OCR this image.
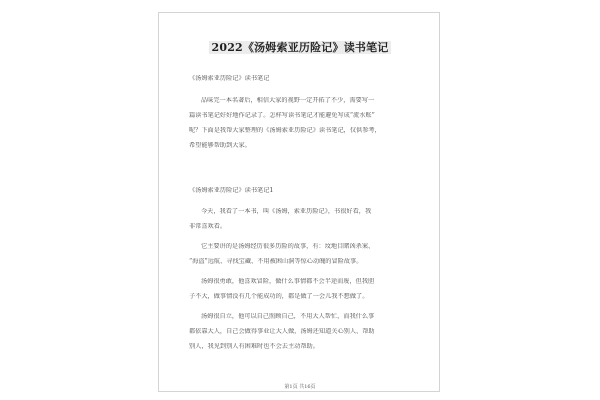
2022《汤姆索亚历险记》读书笔记
《汤姆索亚历险记》读书笔记
品味完一本名著后，相信大家的视野一定开拓了不少，需要写一
篇读书笔记好好地作记录了。怎样写读书笔记才能避免写成“流水账”
呢？下面是我帮大家整理的《汤姆索亚历险记》读书笔记，仅供参考，
希望能够帮助到大家。
《汤姆索亚历险记》读书笔记1
今天，我看了一本书，叫《汤姆，索亚历险记》，书很好看，我
非常喜欢看。
它主要讲的是汤姆经历很多历险的故事，有：坟地目睹凶杀案、
“海盗”远航、寻找宝藏、不用被困山洞等惊心动魄的冒险故事。
汤姆很勇敢，他喜欢冒险，做什么事情都不会半途而废，但我胆
子不大，做事情没有几个能成功的，都是做了一会儿我不想做了。
汤姆很自立，他可以自己照顾自己，不用大人帮忙，而我什么事
都依靠大人，自己会做得事业让大人做，汤姆还知道关心别人、帮助
别人，我见到别人有困难时也不会去主动帮助。
第1页 共16页
